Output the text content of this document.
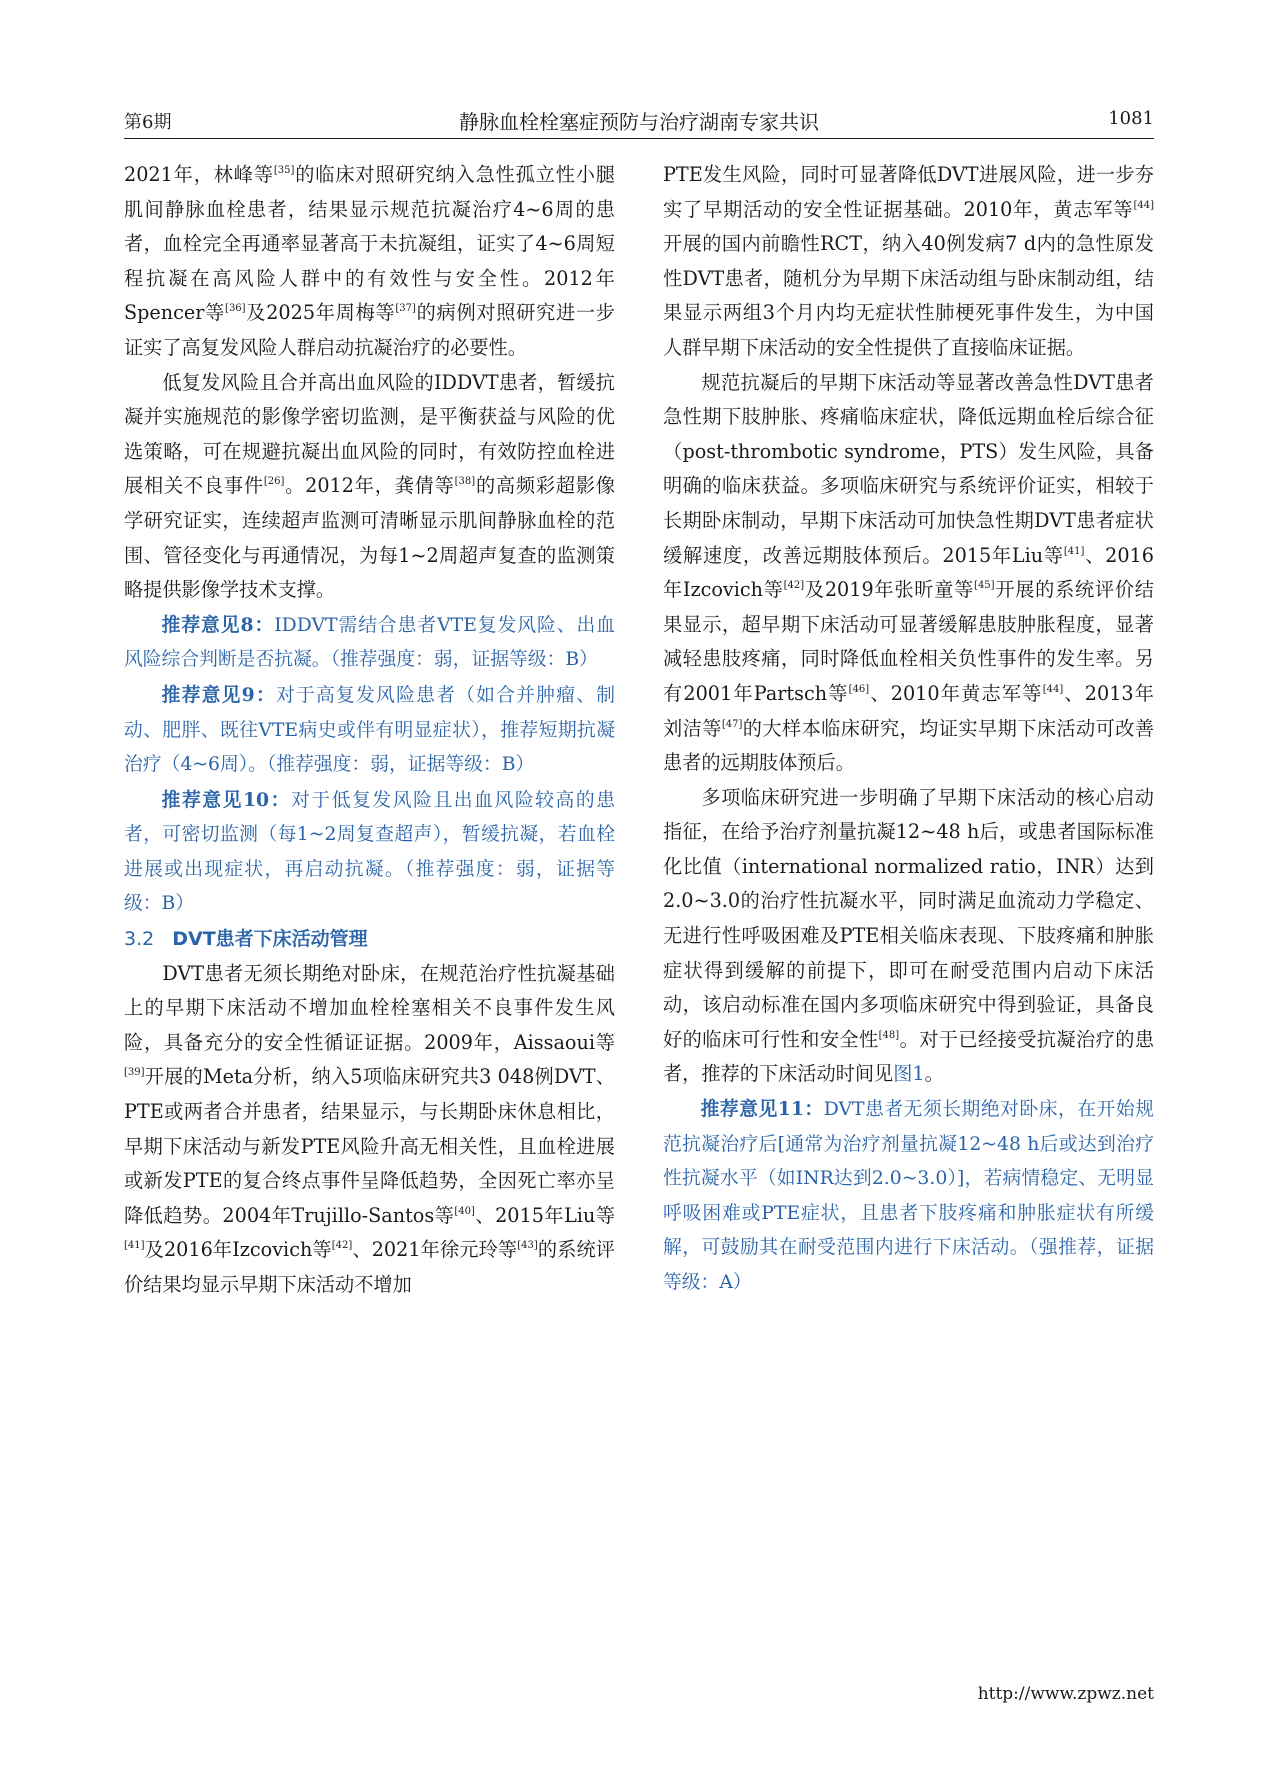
第6期	静脉血栓栓塞症预防与治疗湖南专家共识	1081

2021年，林峰等[35]的临床对照研究纳入急性孤立性小腿肌间静脉血栓患者，结果显示规范抗凝治疗4~6周的患者，血栓完全再通率显著高于未抗凝组，证实了4~6周短程抗凝在高风险人群中的有效性与安全性。2012年Spencer等[36]及2025年周梅等[37]的病例对照研究进一步证实了高复发风险人群启动抗凝治疗的必要性。

低复发风险且合并高出血风险的IDDVT患者，暂缓抗凝并实施规范的影像学密切监测，是平衡获益与风险的优选策略，可在规避抗凝出血风险的同时，有效防控血栓进展相关不良事件[26]。2012年，龚倩等[38]的高频彩超影像学研究证实，连续超声监测可清晰显示肌间静脉血栓的范围、管径变化与再通情况，为每1~2周超声复查的监测策略提供影像学技术支撑。

推荐意见8：IDDVT需结合患者VTE复发风险、出血风险综合判断是否抗凝。（推荐强度：弱，证据等级：B）

推荐意见9：对于高复发风险患者（如合并肿瘤、制动、肥胖、既往VTE病史或伴有明显症状），推荐短期抗凝治疗（4~6周）。（推荐强度：弱，证据等级：B）

推荐意见10：对于低复发风险且出血风险较高的患者，可密切监测（每1~2周复查超声），暂缓抗凝，若血栓进展或出现症状，再启动抗凝。（推荐强度：弱，证据等级：B）

3.2 DVT患者下床活动管理

DVT患者无须长期绝对卧床，在规范治疗性抗凝基础上的早期下床活动不增加血栓栓塞相关不良事件发生风险，具备充分的安全性循证证据。2009年，Aissaoui等[39]开展的Meta分析，纳入5项临床研究共3 048例DVT、PTE或两者合并患者，结果显示，与长期卧床休息相比，早期下床活动与新发PTE风险升高无相关性，且血栓进展或新发PTE的复合终点事件呈降低趋势，全因死亡率亦呈降低趋势。2004年Trujillo-Santos等[40]、2015年Liu等[41]及2016年Izcovich等[42]、2021年徐元玲等[43]的系统评价结果均显示早期下床活动不增加

PTE发生风险，同时可显著降低DVT进展风险，进一步夯实了早期活动的安全性证据基础。2010年，黄志军等[44]开展的国内前瞻性RCT，纳入40例发病7 d内的急性原发性DVT患者，随机分为早期下床活动组与卧床制动组，结果显示两组3个月内均无症状性肺梗死事件发生，为中国人群早期下床活动的安全性提供了直接临床证据。

规范抗凝后的早期下床活动等显著改善急性DVT患者急性期下肢肿胀、疼痛临床症状，降低远期血栓后综合征（post-thrombotic syndrome，PTS）发生风险，具备明确的临床获益。多项临床研究与系统评价证实，相较于长期卧床制动，早期下床活动可加快急性期DVT患者症状缓解速度，改善远期肢体预后。2015年Liu等[41]、2016年Izcovich等[42]及2019年张昕童等[45]开展的系统评价结果显示，超早期下床活动可显著缓解患肢肿胀程度，显著减轻患肢疼痛，同时降低血栓相关负性事件的发生率。另有2001年Partsch等[46]、2010年黄志军等[44]、2013年刘洁等[47]的大样本临床研究，均证实早期下床活动可改善患者的远期肢体预后。

多项临床研究进一步明确了早期下床活动的核心启动指征，在给予治疗剂量抗凝12~48 h后，或患者国际标准化比值（international normalized ratio，INR）达到2.0~3.0的治疗性抗凝水平，同时满足血流动力学稳定、无进行性呼吸困难及PTE相关临床表现、下肢疼痛和肿胀症状得到缓解的前提下，即可在耐受范围内启动下床活动，该启动标准在国内多项临床研究中得到验证，具备良好的临床可行性和安全性[48]。对于已经接受抗凝治疗的患者，推荐的下床活动时间见图1。

推荐意见11：DVT患者无须长期绝对卧床，在开始规范抗凝治疗后[通常为治疗剂量抗凝12~48 h后或达到治疗性抗凝水平（如INR达到2.0~3.0）]，若病情稳定、无明显呼吸困难或PTE症状，且患者下肢疼痛和肿胀症状有所缓解，可鼓励其在耐受范围内进行下床活动。（强推荐，证据等级：A）

http://www.zpwz.net
